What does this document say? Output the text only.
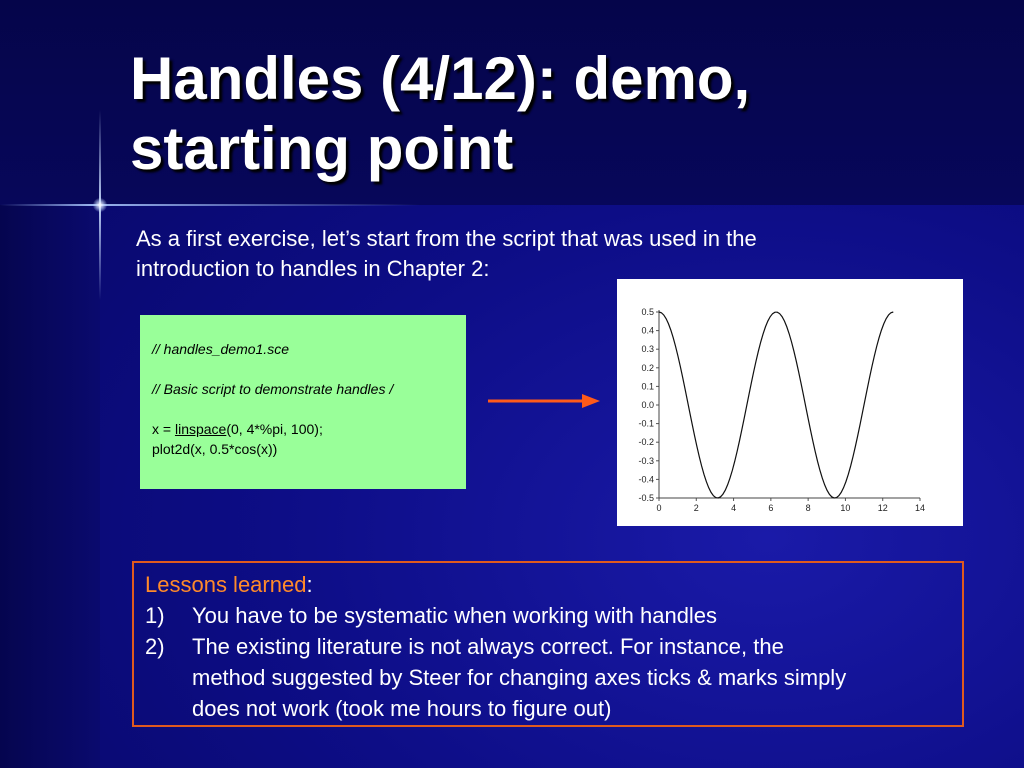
Handles (4/12): demo,
starting point
As a first exercise, let’s start from the script that was used in the
introduction to handles in Chapter 2:
// handles_demo1.sce
// Basic script to demonstrate handles /
x = linspace(0, 4*%pi, 100);
plot2d(x, 0.5*cos(x))
0.5
0.4
0.3
0.2
0.1
0.0
-0.1
-0.2
-0.3
-0.4
-0.5
0	2	4	6	8	10	12	14
Lessons learned:
1)	You have to be systematic when working with handles
2)	The existing literature is not always correct. For instance, the
method suggested by Steer for changing axes ticks & marks simply
does not work (took me hours to figure out)
